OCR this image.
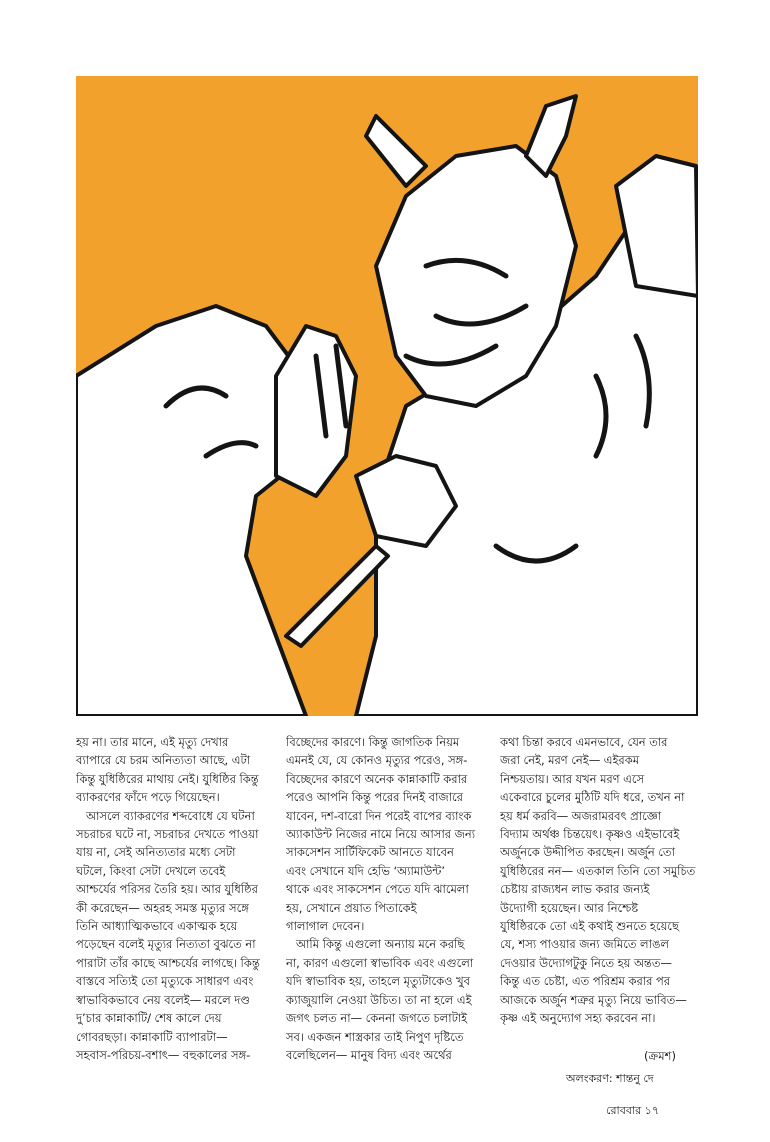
হয় না। তার মানে, এই মৃত্যু দেখার
ব্যাপারে যে চরম অনিত্যতা আছে, এটা
কিন্তু যুধিষ্ঠিরের মাথায় নেই। যুধিষ্ঠির কিন্তু
ব্যাকরণের ফাঁদে পড়ে গিয়েছেন।
আসলে ব্যাকরণের শব্দবোধে যে ঘটনা
সচরাচর ঘটে না, সচরাচর দেখতে পাওয়া
যায় না, সেই অনিত্যতার মধ্যে সেটা
ঘটলে, কিংবা সেটা দেখলে তবেই
আশ্চর্যের পরিসর তৈরি হয়। আর যুধিষ্ঠির
কী করেছেন— অহরহ সমস্ত মৃত্যুর সঙ্গে
তিনি আধ্যাত্মিকভাবে একাত্মক হয়ে
পড়েছেন বলেই মৃত্যুর নিত্যতা বুঝতে না
পারাটা তাঁর কাছে আশ্চর্যের লাগছে। কিন্তু
বাস্তবে সত্যিই তো মৃত্যুকে সাধারণ এবং
স্বাভাবিকভাবে নেয় বলেই— মরলে দণ্ড
দু’চার কান্নাকাটি/ শেষ কালে দেয়
গোবরছড়া। কান্নাকাটি ব্যাপারটা—
সহবাস-পরিচয়-বশাৎ— বহুকালের সঙ্গ-
বিচ্ছেদের কারণে। কিন্তু জাগতিক নিয়ম
এমনই যে, যে কোনও মৃত্যুর পরেও, সঙ্গ-
বিচ্ছেদের কারণে অনেক কান্নাকাটি করার
পরেও আপনি কিন্তু পরের দিনই বাজারে
যাবেন, দশ-বারো দিন পরেই বাপের ব্যাংক
অ্যাকাউন্ট নিজের নামে নিয়ে আসার জন্য
সাকসেশন সার্টিফিকেট আনতে যাবেন
এবং সেখানে যদি হেভি ‘অ্যামাউন্ট’
থাকে এবং সাকসেশন পেতে যদি ঝামেলা
হয়, সেখানে প্রয়াত পিতাকেই
গালাগাল দেবেন।
আমি কিন্তু এগুলো অন্যায় মনে করছি
না, কারণ এগুলো স্বাভাবিক এবং এগুলো
যদি স্বাভাবিক হয়, তাহলে মৃত্যুটাকেও খুব
ক্যাজুয়ালি নেওয়া উচিত। তা না হলে এই
জগৎ চলত না— কেননা জগতে চলাটাই
সব। একজন শাস্ত্রকার তাই নিপুণ দৃষ্টিতে
বলেছিলেন— মানুষ বিদ্য এবং অর্থের
কথা চিন্তা করবে এমনভাবে, যেন তার
জরা নেই, মরণ নেই— এইরকম
নিশ্চয়তায়। আর যখন মরণ এসে
একেবারে চুলের মুঠিটি যদি ধরে, তখন না
হয় ধর্ম করবি— অজরামরবৎ প্রাজ্ঞো
বিদ্যাম অর্থঞ্চ চিন্তয়েৎ। কৃষ্ণও এইভাবেই
অর্জুনকে উদ্দীপিত করছেন। অর্জুন তো
যুধিষ্ঠিরের নন— এতকাল তিনি তো সমুচিত
চেষ্টায় রাজ্যধন লাভ করার জন্যই
উদ্যোগী হয়েছেন। আর নিশ্চেষ্ট
যুধিষ্ঠিরকে তো এই কথাই শুনতে হয়েছে
যে, শস্য পাওয়ার জন্য জমিতে লাঙল
দেওয়ার উদ্যোগটুকু নিতে হয় অন্তত—
কিন্তু এত চেষ্টা, এত পরিশ্রম করার পর
আজকে অর্জুন শত্রুর মৃত্যু নিয়ে ভাবিত—
কৃষ্ণ এই অনুদ্যোগ সহ্য করবেন না।
(ক্রমশ)
অলংকরণ: শান্তনু দে
রোববার ১৭
